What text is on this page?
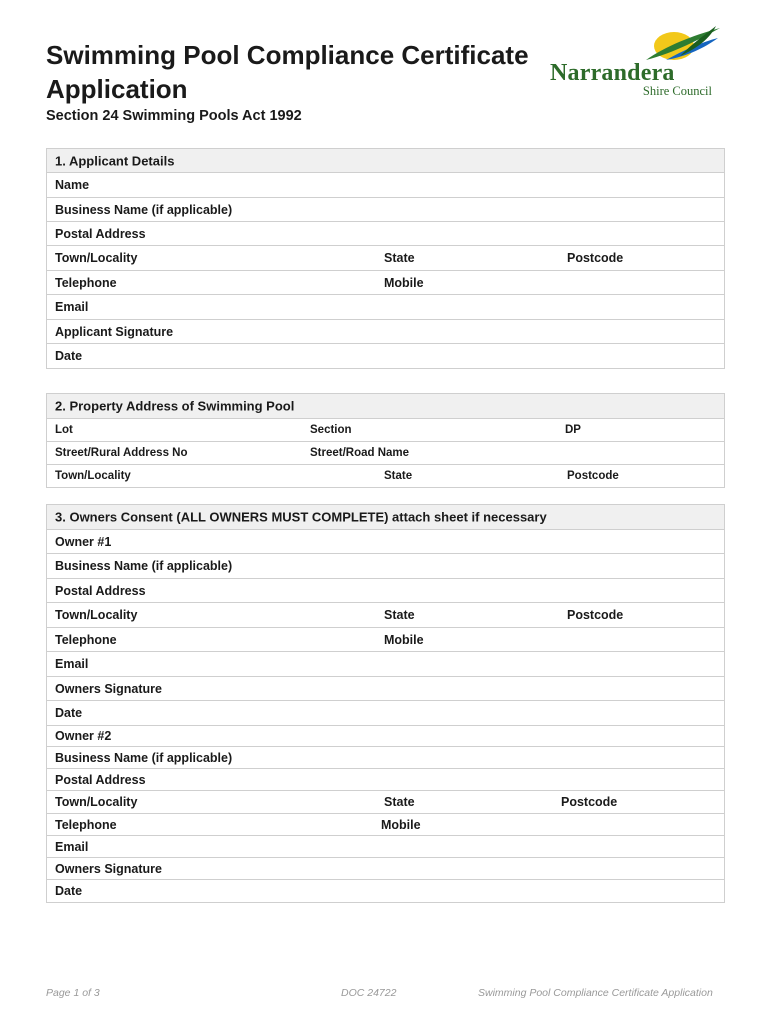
Swimming Pool Compliance Certificate Application
Section 24 Swimming Pools Act 1992
Narrandera
Shire Council
1. Applicant Details
Name
Business Name (if applicable)
Postal Address
Town/Locality	State	Postcode
Telephone	Mobile
Email
Applicant Signature
Date
2. Property Address of Swimming Pool
Lot	Section	DP
Street/Rural Address No	Street/Road Name
Town/Locality	State	Postcode
3. Owners Consent (ALL OWNERS MUST COMPLETE) attach sheet if necessary
Owner #1
Business Name (if applicable)
Postal Address
Town/Locality	State	Postcode
Telephone	Mobile
Email
Owners Signature
Date
Owner #2
Business Name (if applicable)
Postal Address
Town/Locality	State	Postcode
Telephone	Mobile
Email
Owners Signature
Date
Page 1 of 3	DOC 24722	Swimming Pool Compliance Certificate Application
